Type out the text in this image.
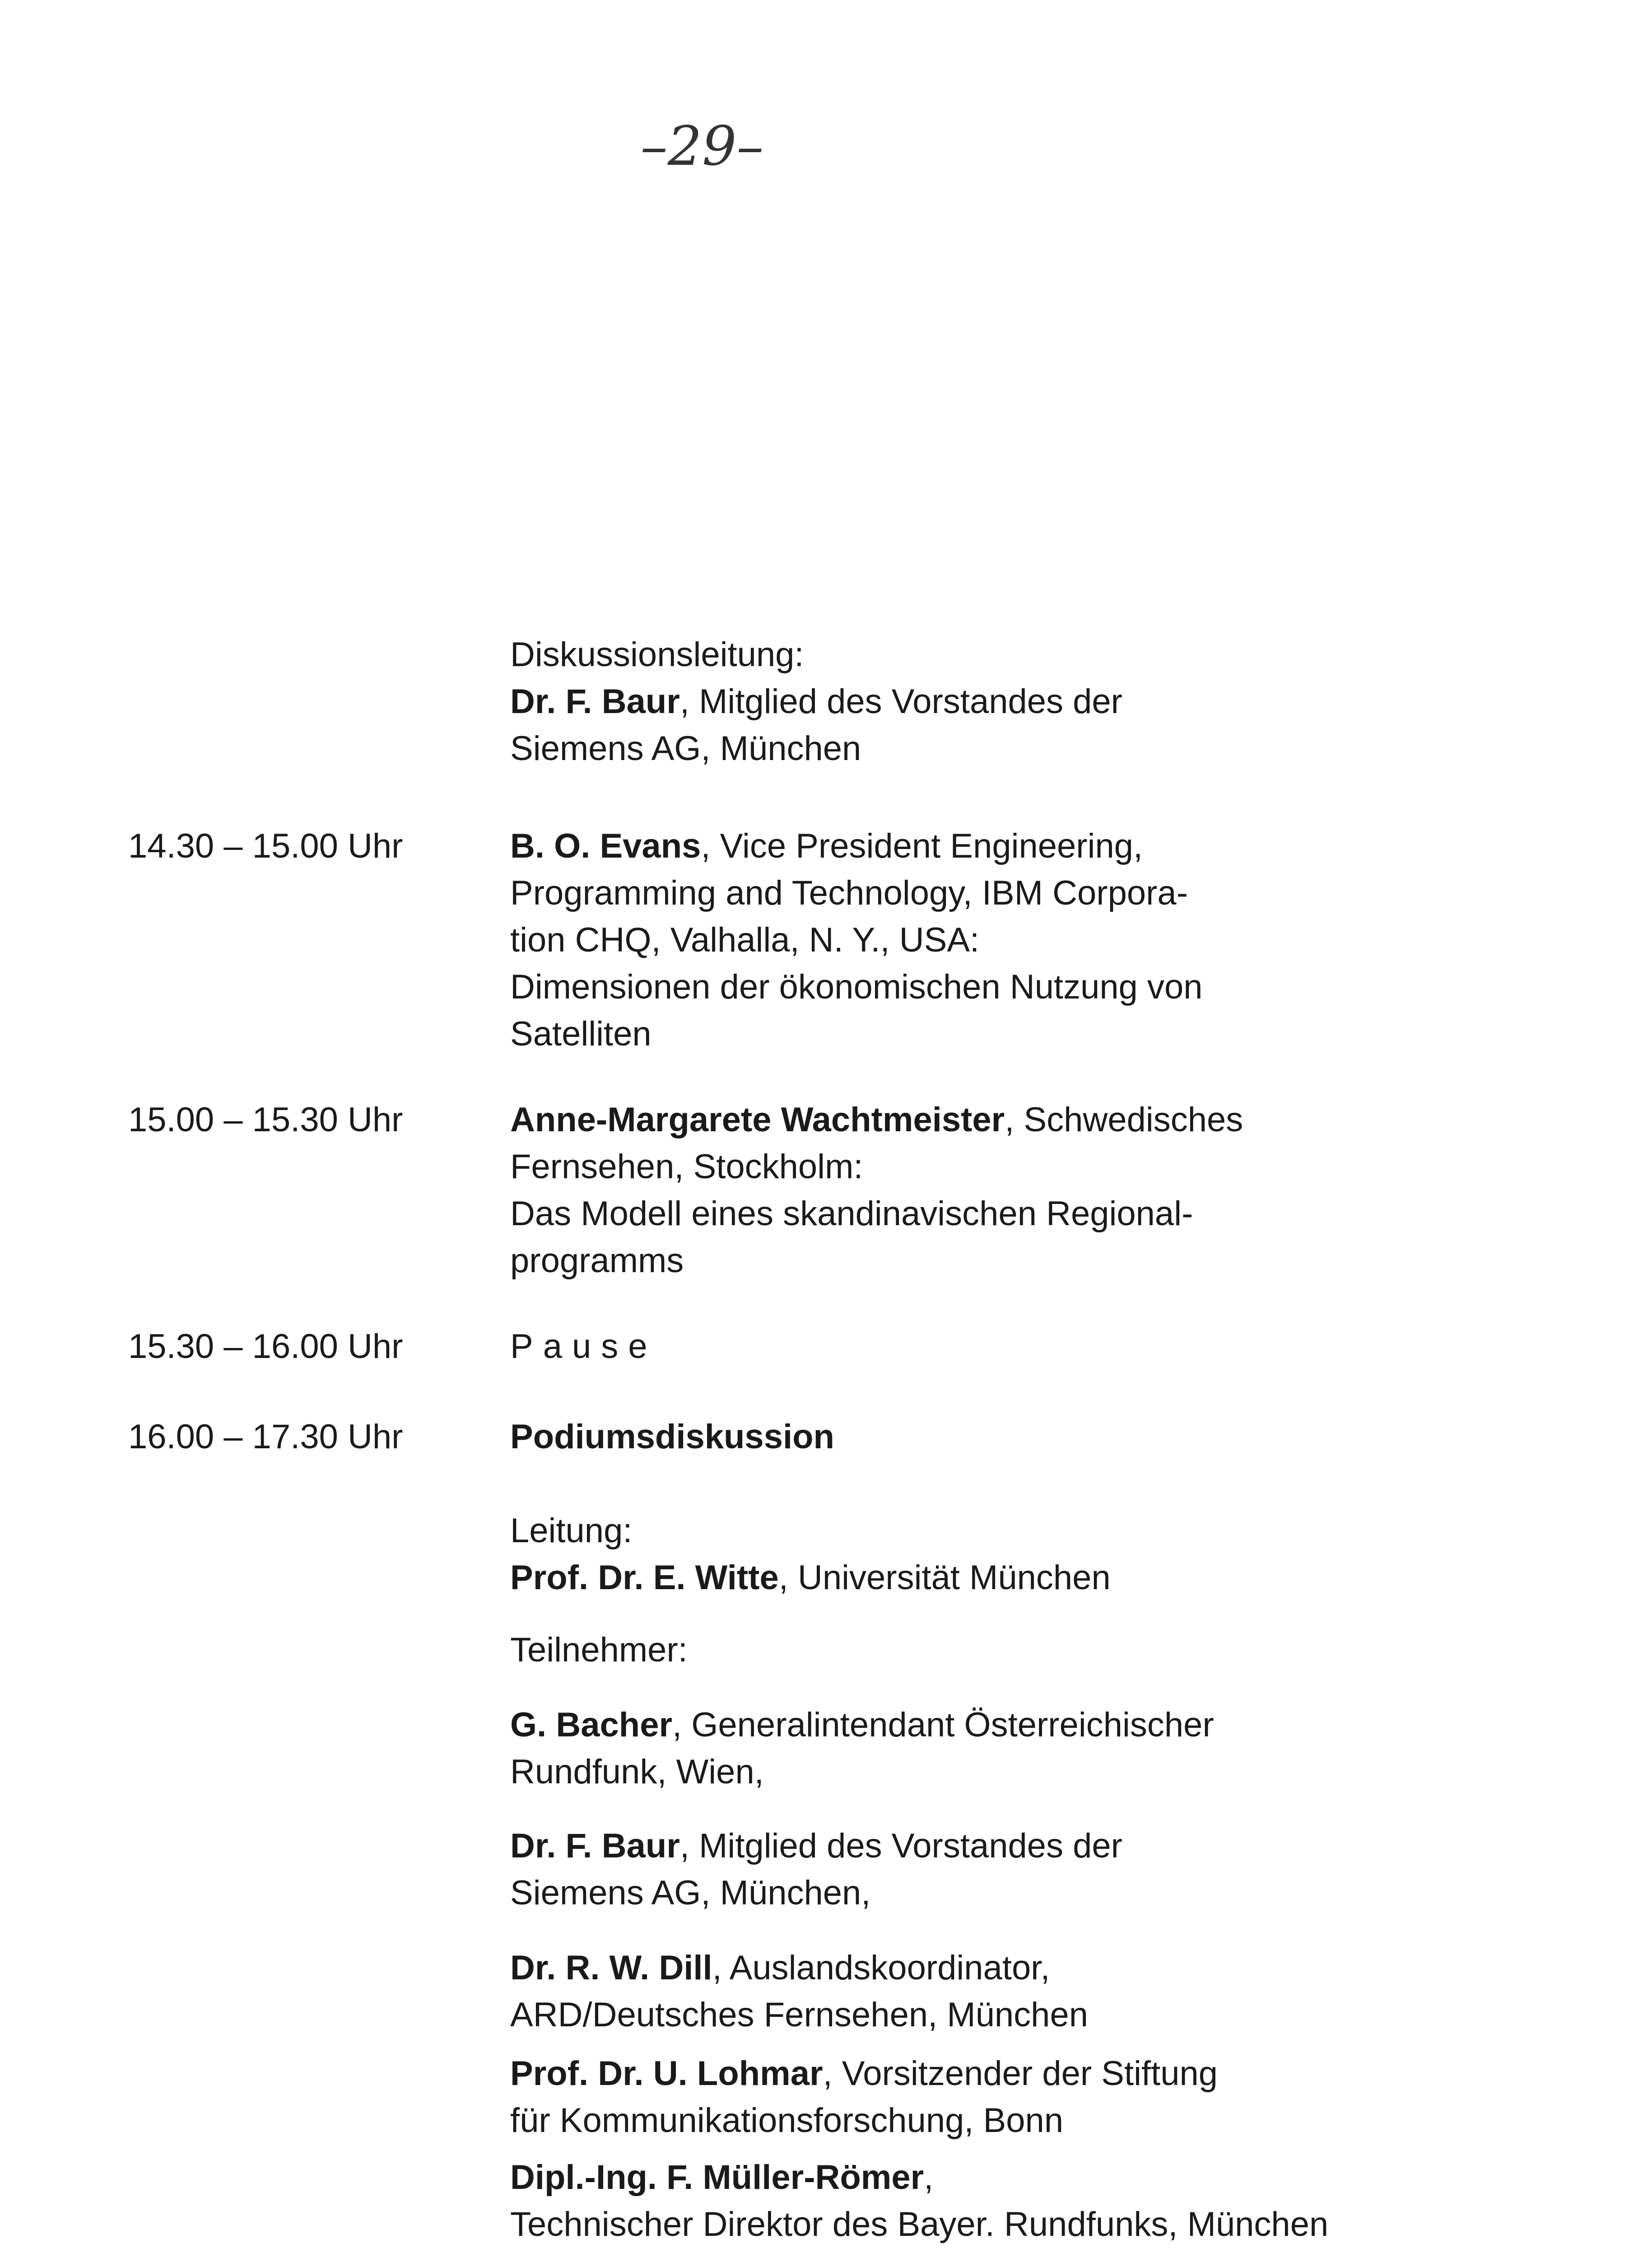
–29–
Diskussionsleitung:
Dr. F. Baur, Mitglied des Vorstandes der
Siemens AG, München
14.30 – 15.00 Uhr	B. O. Evans, Vice President Engineering,
Programming and Technology, IBM Corpora-
tion CHQ, Valhalla, N. Y., USA:
Dimensionen der ökonomischen Nutzung von
Satelliten
15.00 – 15.30 Uhr	Anne-Margarete Wachtmeister, Schwedisches
Fernsehen, Stockholm:
Das Modell eines skandinavischen Regional-
programms
15.30 – 16.00 Uhr	Pause
16.00 – 17.30 Uhr	Podiumsdiskussion
Leitung:
Prof. Dr. E. Witte, Universität München
Teilnehmer:
G. Bacher, Generalintendant Österreichischer
Rundfunk, Wien,
Dr. F. Baur, Mitglied des Vorstandes der
Siemens AG, München,
Dr. R. W. Dill, Auslandskoordinator,
ARD/Deutsches Fernsehen, München
Prof. Dr. U. Lohmar, Vorsitzender der Stiftung
für Kommunikationsforschung, Bonn
Dipl.-Ing. F. Müller-Römer,
Technischer Direktor des Bayer. Rundfunks, München
